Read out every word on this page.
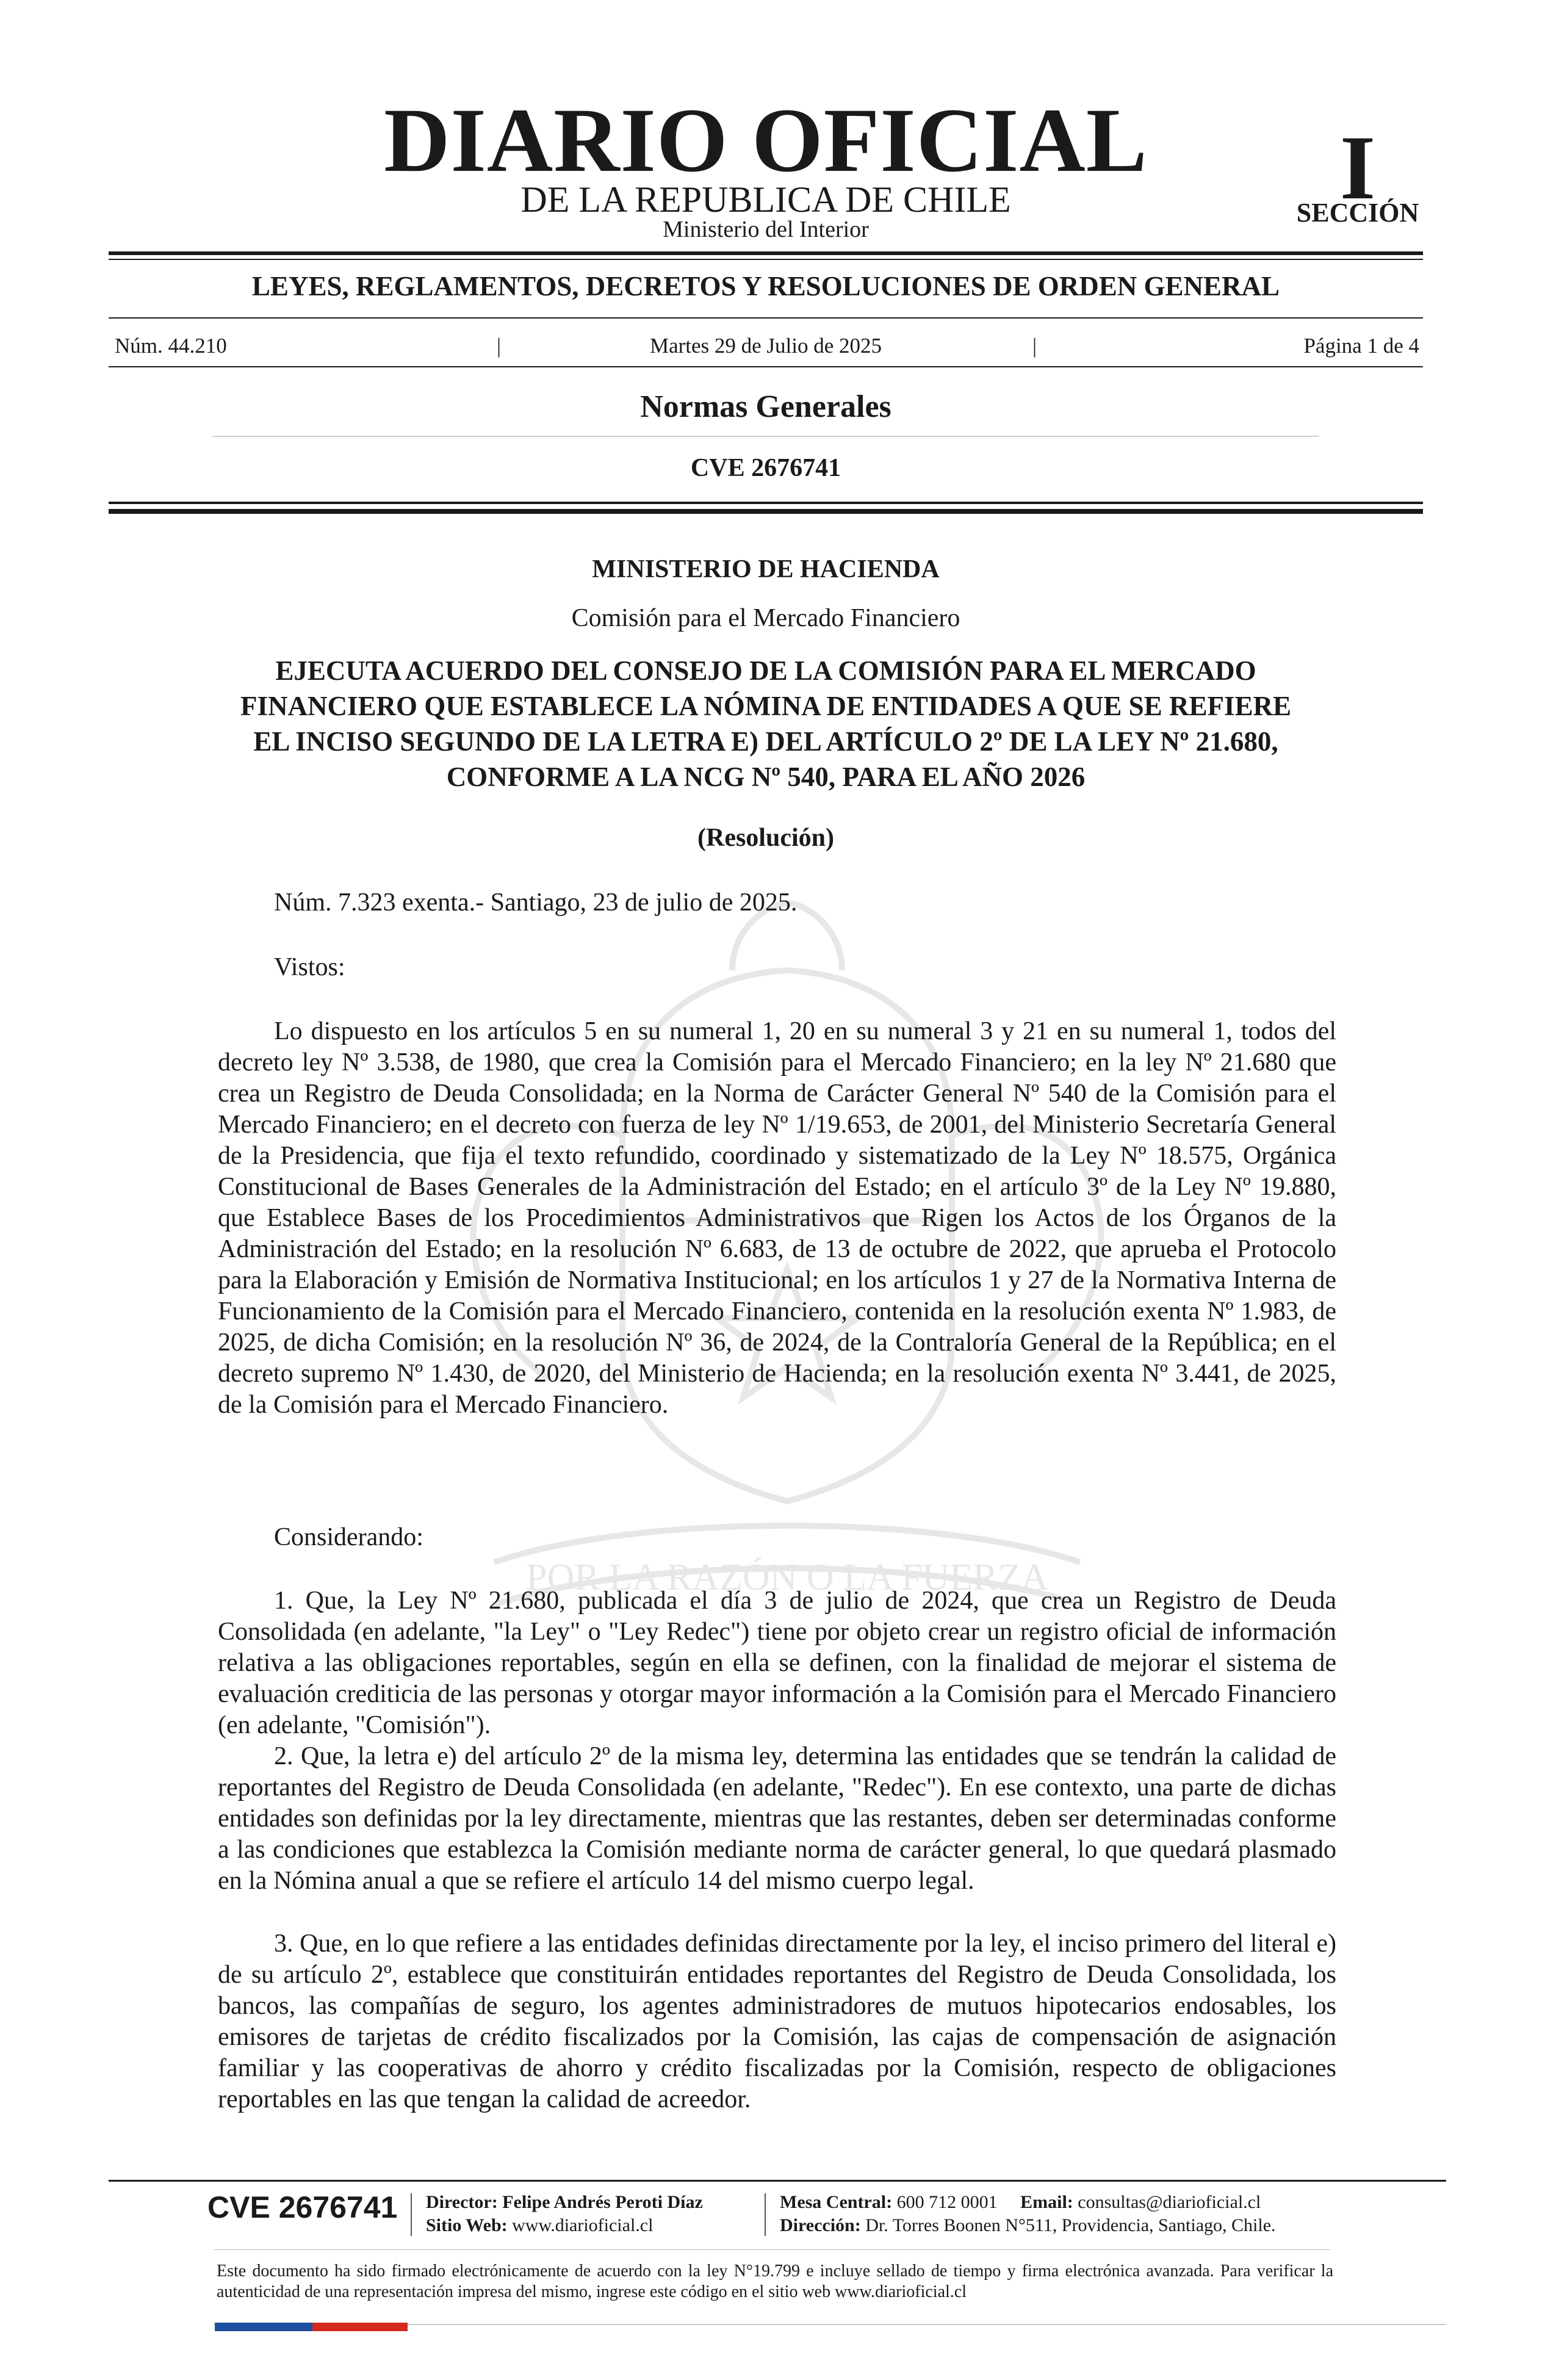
POR LA RAZÓN O LA FUERZA
DIARIO OFICIAL
DE LA REPUBLICA DE CHILE
Ministerio del Interior
I
SECCIÓN
LEYES, REGLAMENTOS, DECRETOS Y RESOLUCIONES DE ORDEN GENERAL
Núm. 44.210	|	Martes 29 de Julio de 2025	|	Página 1 de 4
Normas Generales
CVE 2676741
MINISTERIO DE HACIENDA
Comisión para el Mercado Financiero
EJECUTA ACUERDO DEL CONSEJO DE LA COMISIÓN PARA EL MERCADO
FINANCIERO QUE ESTABLECE LA NÓMINA DE ENTIDADES A QUE SE REFIERE
EL INCISO SEGUNDO DE LA LETRA E) DEL ARTÍCULO 2º DE LA LEY Nº 21.680,
CONFORME A LA NCG Nº 540, PARA EL AÑO 2026
(Resolución)
Núm. 7.323 exenta.- Santiago, 23 de julio de 2025.
Vistos:
Lo dispuesto en los artículos 5 en su numeral 1, 20 en su numeral 3 y 21 en su numeral 1, todos del decreto ley Nº 3.538, de 1980, que crea la Comisión para el Mercado Financiero; en la ley Nº 21.680 que crea un Registro de Deuda Consolidada; en la Norma de Carácter General Nº 540 de la Comisión para el Mercado Financiero; en el decreto con fuerza de ley Nº 1/19.653, de 2001, del Ministerio Secretaría General de la Presidencia, que fija el texto refundido, coordinado y sistematizado de la Ley Nº 18.575, Orgánica Constitucional de Bases Generales de la Administración del Estado; en el artículo 3º de la Ley Nº 19.880, que Establece Bases de los Procedimientos Administrativos que Rigen los Actos de los Órganos de la Administración del Estado; en la resolución Nº 6.683, de 13 de octubre de 2022, que aprueba el Protocolo para la Elaboración y Emisión de Normativa Institucional; en los artículos 1 y 27 de la Normativa Interna de Funcionamiento de la Comisión para el Mercado Financiero, contenida en la resolución exenta Nº 1.983, de 2025, de dicha Comisión; en la resolución Nº 36, de 2024, de la Contraloría General de la República; en el decreto supremo Nº 1.430, de 2020, del Ministerio de Hacienda; en la resolución exenta Nº 3.441, de 2025, de la Comisión para el Mercado Financiero.
Considerando:
1. Que, la Ley Nº 21.680, publicada el día 3 de julio de 2024, que crea un Registro de Deuda Consolidada (en adelante, "la Ley" o "Ley Redec") tiene por objeto crear un registro oficial de información relativa a las obligaciones reportables, según en ella se definen, con la finalidad de mejorar el sistema de evaluación crediticia de las personas y otorgar mayor información a la Comisión para el Mercado Financiero (en adelante, "Comisión").
2. Que, la letra e) del artículo 2º de la misma ley, determina las entidades que se tendrán la calidad de reportantes del Registro de Deuda Consolidada (en adelante, "Redec"). En ese contexto, una parte de dichas entidades son definidas por la ley directamente, mientras que las restantes, deben ser determinadas conforme a las condiciones que establezca la Comisión mediante norma de carácter general, lo que quedará plasmado en la Nómina anual a que se refiere el artículo 14 del mismo cuerpo legal.
3. Que, en lo que refiere a las entidades definidas directamente por la ley, el inciso primero del literal e) de su artículo 2º, establece que constituirán entidades reportantes del Registro de Deuda Consolidada, los bancos, las compañías de seguro, los agentes administradores de mutuos hipotecarios endosables, los emisores de tarjetas de crédito fiscalizados por la Comisión, las cajas de compensación de asignación familiar y las cooperativas de ahorro y crédito fiscalizadas por la Comisión, respecto de obligaciones reportables en las que tengan la calidad de acreedor.
CVE 2676741 Director: Felipe Andrés Peroti Díaz
Sitio Web: www.diarioficial.cl
Mesa Central: 600 712 0001 Email: consultas@diarioficial.cl
Dirección: Dr. Torres Boonen N°511, Providencia, Santiago, Chile.
Este documento ha sido firmado electrónicamente de acuerdo con la ley N°19.799 e incluye sellado de tiempo y firma electrónica avanzada. Para verificar la autenticidad de una representación impresa del mismo, ingrese este código en el sitio web www.diarioficial.cl
